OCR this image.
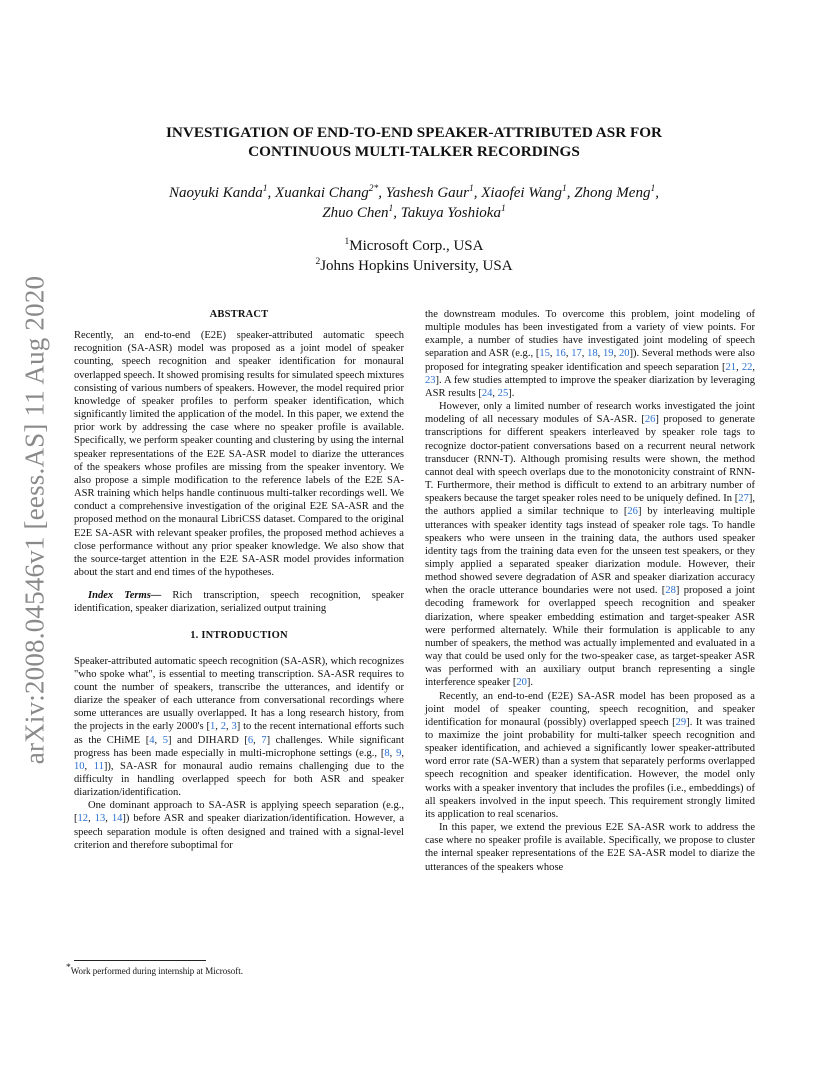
arXiv:2008.04546v1 [eess.AS] 11 Aug 2020
INVESTIGATION OF END-TO-END SPEAKER-ATTRIBUTED ASR FOR
CONTINUOUS MULTI-TALKER RECORDINGS
Naoyuki Kanda$^1$, Xuankai Chang$^{2*}$, Yashesh Gaur$^1$, Xiaofei Wang$^1$, Zhong Meng$^1$,
Zhuo Chen$^1$, Takuya Yoshioka$^1$
$^1$Microsoft Corp., USA
$^2$Johns Hopkins University, USA
ABSTRACT

Recently, an end-to-end (E2E) speaker-attributed automatic speech recognition (SA-ASR) model was proposed as a joint model of speaker counting, speech recognition and speaker identification for monaural overlapped speech. It showed promising results for simulated speech mixtures consisting of various numbers of speakers. However, the model required prior knowledge of speaker profiles to perform speaker identification, which significantly limited the application of the model. In this paper, we extend the prior work by addressing the case where no speaker profile is available. Specifically, we perform speaker counting and clustering by using the internal speaker representations of the E2E SA-ASR model to diarize the utterances of the speakers whose profiles are missing from the speaker inventory. We also propose a simple modification to the reference labels of the E2E SA-ASR training which helps handle continuous multi-talker recordings well. We conduct a comprehensive investigation of the original E2E SA-ASR and the proposed method on the monaural LibriCSS dataset. Compared to the original E2E SA-ASR with relevant speaker profiles, the proposed method achieves a close performance without any prior speaker knowledge. We also show that the source-target attention in the E2E SA-ASR model provides information about the start and end times of the hypotheses.

Index Terms— Rich transcription, speech recognition, speaker identification, speaker diarization, serialized output training

1. INTRODUCTION

Speaker-attributed automatic speech recognition (SA-ASR), which recognizes "who spoke what", is essential to meeting transcription. SA-ASR requires to count the number of speakers, transcribe the utterances, and identify or diarize the speaker of each utterance from conversational recordings where some utterances are usually overlapped. It has a long research history, from the projects in the early 2000's [1, 2, 3] to the recent international efforts such as the CHiME [4, 5] and DIHARD [6, 7] challenges. While significant progress has been made especially in multi-microphone settings (e.g., [8, 9, 10, 11]), SA-ASR for monaural audio remains challenging due to the difficulty in handling overlapped speech for both ASR and speaker diarization/identification.

One dominant approach to SA-ASR is applying speech separation (e.g., [12, 13, 14]) before ASR and speaker diarization/identification. However, a speech separation module is often designed and trained with a signal-level criterion and therefore suboptimal for

the downstream modules. To overcome this problem, joint modeling of multiple modules has been investigated from a variety of view points. For example, a number of studies have investigated joint modeling of speech separation and ASR (e.g., [15, 16, 17, 18, 19, 20]). Several methods were also proposed for integrating speaker identification and speech separation [21, 22, 23]. A few studies attempted to improve the speaker diarization by leveraging ASR results [24, 25].

However, only a limited number of research works investigated the joint modeling of all necessary modules of SA-ASR. [26] proposed to generate transcriptions for different speakers interleaved by speaker role tags to recognize doctor-patient conversations based on a recurrent neural network transducer (RNN-T). Although promising results were shown, the method cannot deal with speech overlaps due to the monotonicity constraint of RNN-T. Furthermore, their method is difficult to extend to an arbitrary number of speakers because the target speaker roles need to be uniquely defined. In [27], the authors applied a similar technique to [26] by interleaving multiple utterances with speaker identity tags instead of speaker role tags. To handle speakers who were unseen in the training data, the authors used speaker identity tags from the training data even for the unseen test speakers, or they simply applied a separated speaker diarization module. However, their method showed severe degradation of ASR and speaker diarization accuracy when the oracle utterance boundaries were not used. [28] proposed a joint decoding framework for overlapped speech recognition and speaker diarization, where speaker embedding estimation and target-speaker ASR were performed alternately. While their formulation is applicable to any number of speakers, the method was actually implemented and evaluated in a way that could be used only for the two-speaker case, as target-speaker ASR was performed with an auxiliary output branch representing a single interference speaker [20].

Recently, an end-to-end (E2E) SA-ASR model has been proposed as a joint model of speaker counting, speech recognition, and speaker identification for monaural (possibly) overlapped speech [29]. It was trained to maximize the joint probability for multi-talker speech recognition and speaker identification, and achieved a significantly lower speaker-attributed word error rate (SA-WER) than a system that separately performs overlapped speech recognition and speaker identification. However, the model only works with a speaker inventory that includes the profiles (i.e., embeddings) of all speakers involved in the input speech. This requirement strongly limited its application to real scenarios.

In this paper, we extend the previous E2E SA-ASR work to address the case where no speaker profile is available. Specifically, we propose to cluster the internal speaker representations of the E2E SA-ASR model to diarize the utterances of the speakers whose

*Work performed during internship at Microsoft.
